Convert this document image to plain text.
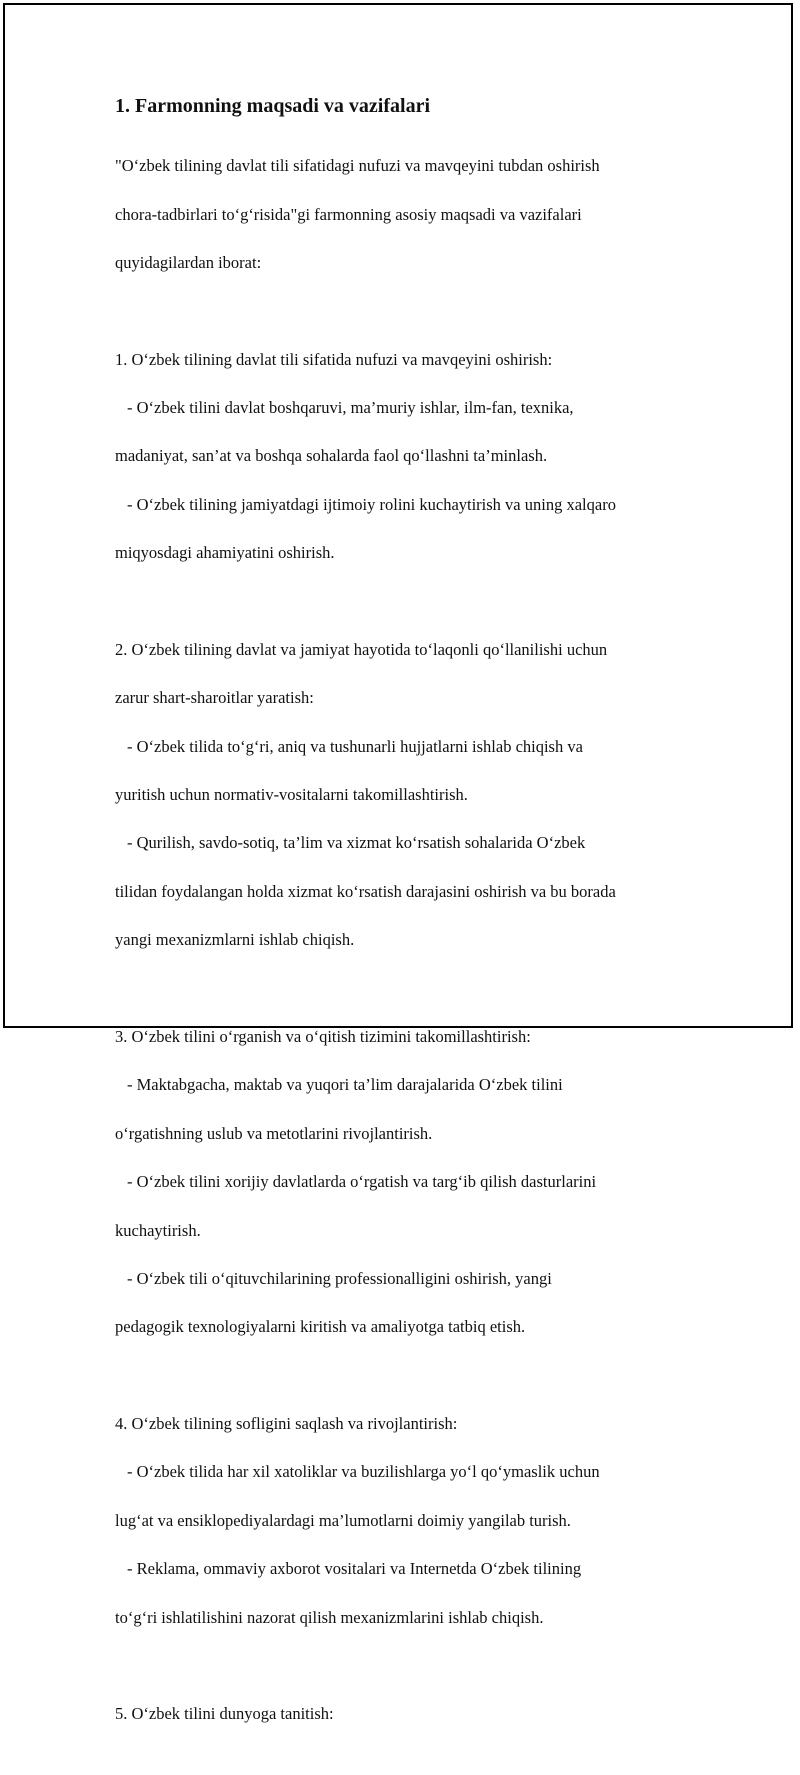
1. Farmonning maqsadi va vazifalari

"O‘zbek tilining davlat tili sifatidagi nufuzi va mavqeyini tubdan oshirish

chora-tadbirlari to‘g‘risida"gi farmonning asosiy maqsadi va vazifalari

quyidagilardan iborat:

1. O‘zbek tilining davlat tili sifatida nufuzi va mavqeyini oshirish:

- O‘zbek tilini davlat boshqaruvi, ma’muriy ishlar, ilm-fan, texnika,

madaniyat, san’at va boshqa sohalarda faol qo‘llashni ta’minlash.

- O‘zbek tilining jamiyatdagi ijtimoiy rolini kuchaytirish va uning xalqaro

miqyosdagi ahamiyatini oshirish.

2. O‘zbek tilining davlat va jamiyat hayotida to‘laqonli qo‘llanilishi uchun

zarur shart-sharoitlar yaratish:

- O‘zbek tilida to‘g‘ri, aniq va tushunarli hujjatlarni ishlab chiqish va

yuritish uchun normativ-vositalarni takomillashtirish.

- Qurilish, savdo-sotiq, ta’lim va xizmat ko‘rsatish sohalarida O‘zbek

tilidan foydalangan holda xizmat ko‘rsatish darajasini oshirish va bu borada

yangi mexanizmlarni ishlab chiqish.

3. O‘zbek tilini o‘rganish va o‘qitish tizimini takomillashtirish:

- Maktabgacha, maktab va yuqori ta’lim darajalarida O‘zbek tilini

o‘rgatishning uslub va metotlarini rivojlantirish.

- O‘zbek tilini xorijiy davlatlarda o‘rgatish va targ‘ib qilish dasturlarini

kuchaytirish.

- O‘zbek tili o‘qituvchilarining professionalligini oshirish, yangi

pedagogik texnologiyalarni kiritish va amaliyotga tatbiq etish.

4. O‘zbek tilining sofligini saqlash va rivojlantirish:

- O‘zbek tilida har xil xatoliklar va buzilishlarga yo‘l qo‘ymaslik uchun

lug‘at va ensiklopediyalardagi ma’lumotlarni doimiy yangilab turish.

- Reklama, ommaviy axborot vositalari va Internetda O‘zbek tilining

to‘g‘ri ishlatilishini nazorat qilish mexanizmlarini ishlab chiqish.

5. O‘zbek tilini dunyoga tanitish:
